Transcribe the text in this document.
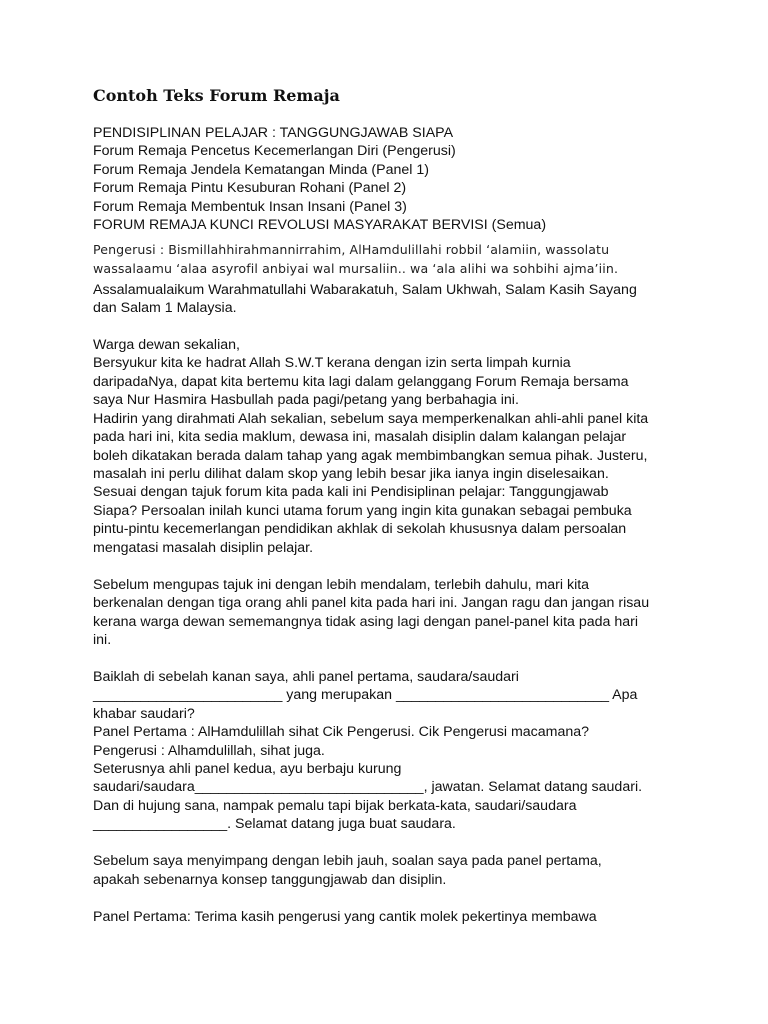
Contoh Teks Forum Remaja
PENDISIPLINAN PELAJAR : TANGGUNGJAWAB SIAPA
Forum Remaja Pencetus Kecemerlangan Diri (Pengerusi)
Forum Remaja Jendela Kematangan Minda (Panel 1)
Forum Remaja Pintu Kesuburan Rohani (Panel 2)
Forum Remaja Membentuk Insan Insani (Panel 3)
FORUM REMAJA KUNCI REVOLUSI MASYARAKAT BERVISI (Semua)
Pengerusi : Bismillahhirahmannirrahim, AlHamdulillahi robbil ‘alamiin, wassolatu
wassalaamu ‘alaa asyrofil anbiyai wal mursaliin.. wa ‘ala alihi wa sohbihi ajma’iin.
Assalamualaikum Warahmatullahi Wabarakatuh, Salam Ukhwah, Salam Kasih Sayang
dan Salam 1 Malaysia.
Warga dewan sekalian,
Bersyukur kita ke hadrat Allah S.W.T kerana dengan izin serta limpah kurnia
daripadaNya, dapat kita bertemu kita lagi dalam gelanggang Forum Remaja bersama
saya Nur Hasmira Hasbullah pada pagi/petang yang berbahagia ini.
Hadirin yang dirahmati Alah sekalian, sebelum saya memperkenalkan ahli-ahli panel kita
pada hari ini, kita sedia maklum, dewasa ini, masalah disiplin dalam kalangan pelajar
boleh dikatakan berada dalam tahap yang agak membimbangkan semua pihak. Justeru,
masalah ini perlu dilihat dalam skop yang lebih besar jika ianya ingin diselesaikan.
Sesuai dengan tajuk forum kita pada kali ini Pendisiplinan pelajar: Tanggungjawab
Siapa? Persoalan inilah kunci utama forum yang ingin kita gunakan sebagai pembuka
pintu-pintu kecemerlangan pendidikan akhlak di sekolah khususnya dalam persoalan
mengatasi masalah disiplin pelajar.
Sebelum mengupas tajuk ini dengan lebih mendalam, terlebih dahulu, mari kita
berkenalan dengan tiga orang ahli panel kita pada hari ini. Jangan ragu dan jangan risau
kerana warga dewan sememangnya tidak asing lagi dengan panel-panel kita pada hari
ini.
Baiklah di sebelah kanan saya, ahli panel pertama, saudara/saudari
________________________ yang merupakan ___________________________ Apa
khabar saudari?
Panel Pertama : AlHamdulillah sihat Cik Pengerusi. Cik Pengerusi macamana?
Pengerusi : Alhamdulillah, sihat juga.
Seterusnya ahli panel kedua, ayu berbaju kurung
saudari/saudara_____________________________, jawatan. Selamat datang saudari.
Dan di hujung sana, nampak pemalu tapi bijak berkata-kata, saudari/saudara
_________________. Selamat datang juga buat saudara.
Sebelum saya menyimpang dengan lebih jauh, soalan saya pada panel pertama,
apakah sebenarnya konsep tanggungjawab dan disiplin.
Panel Pertama: Terima kasih pengerusi yang cantik molek pekertinya membawa
